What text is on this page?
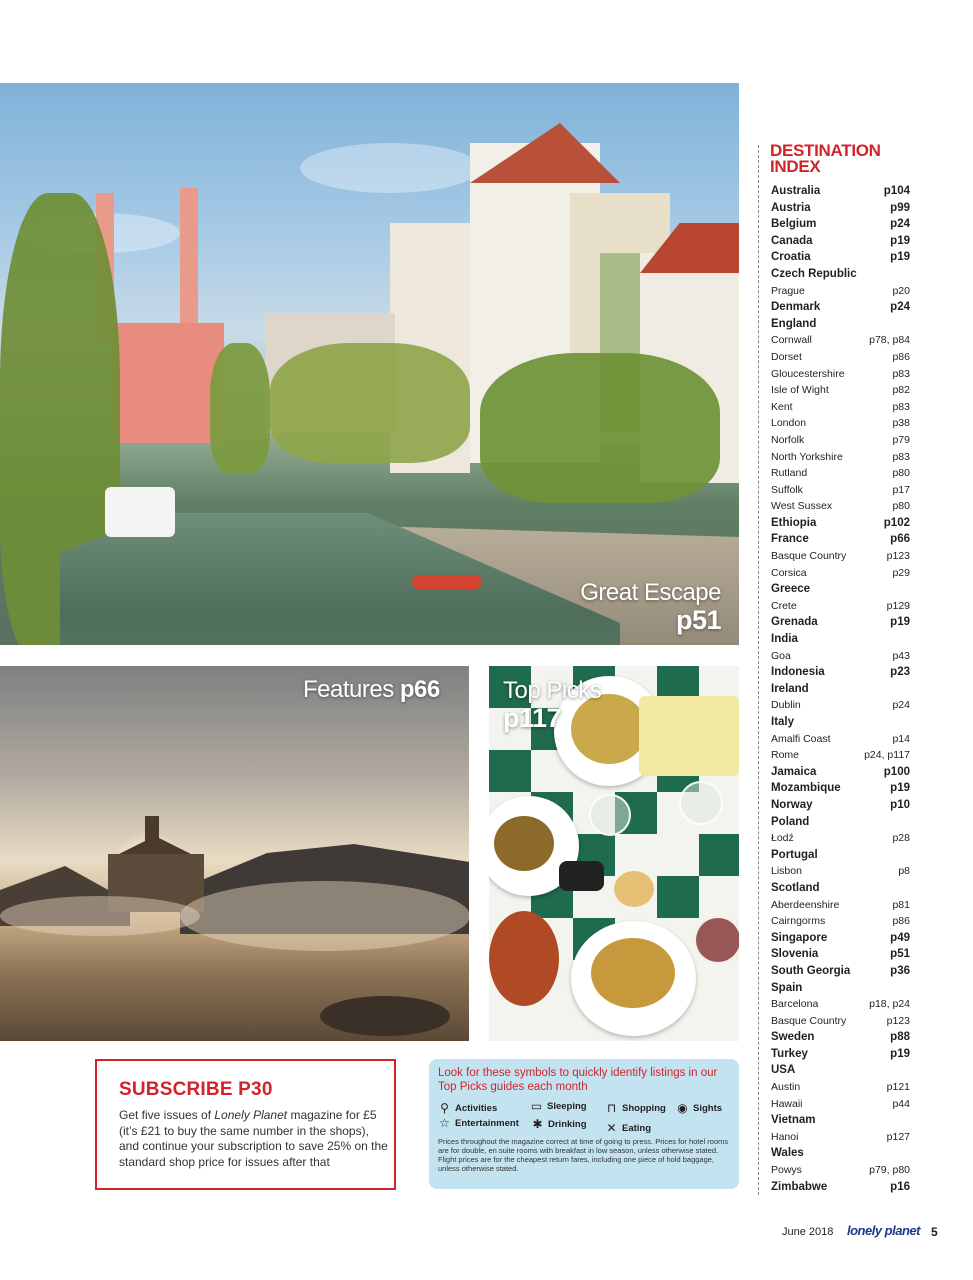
Great Escape
p51
Features p66	Top Picks
p117
DESTINATION
INDEX
Australia	p104
Austria	p99
Belgium	p24
Canada	p19
Croatia	p19
Czech Republic
Prague	p20
Denmark	p24
England
Cornwall	p78, p84
Dorset	p86
Gloucestershire	p83
Isle of Wight	p82
Kent	p83
London	p38
Norfolk	p79
North Yorkshire	p83
Rutland	p80
Suffolk	p17
West Sussex	p80
Ethiopia	p102
France	p66
Basque Country	p123
Corsica	p29
Greece
Crete	p129
Grenada	p19
India
Goa	p43
Indonesia	p23
Ireland
Dublin	p24
Italy
Amalfi Coast	p14
Rome	p24, p117
Jamaica	p100
Mozambique	p19
Norway	p10
Poland
Łodź	p28
Portugal
Lisbon	p8
Scotland
Aberdeenshire	p81
Cairngorms	p86
Singapore	p49
Slovenia	p51
South Georgia	p36
Spain
Barcelona	p18, p24
Basque Country	p123
Sweden	p88
Turkey	p19
USA
Austin	p121
Hawaii	p44
Vietnam
Hanoi	p127
Wales
Powys	p79, p80
Zimbabwe	p16
SUBSCRIBE P30

Get five issues of Lonely Planet magazine for £5 (it’s £21 to buy the same number in the shops), and continue your subscription to save 25% on the standard shop price for issues after that

Look for these symbols to quickly identify listings in our Top Picks guides each month
⚲ Activities	▭ Sleeping ⊓ Shopping ◉ Sights
☆ Entertainment ✱ Drinking ✕ Eating
Prices throughout the magazine correct at time of going to press. Prices for hotel rooms are for double, en suite rooms with breakfast in low season, unless otherwise stated. Flight prices are for the cheapest return fares, including one piece of hold baggage, unless otherwise stated.
June 2018 lonely planet 5
